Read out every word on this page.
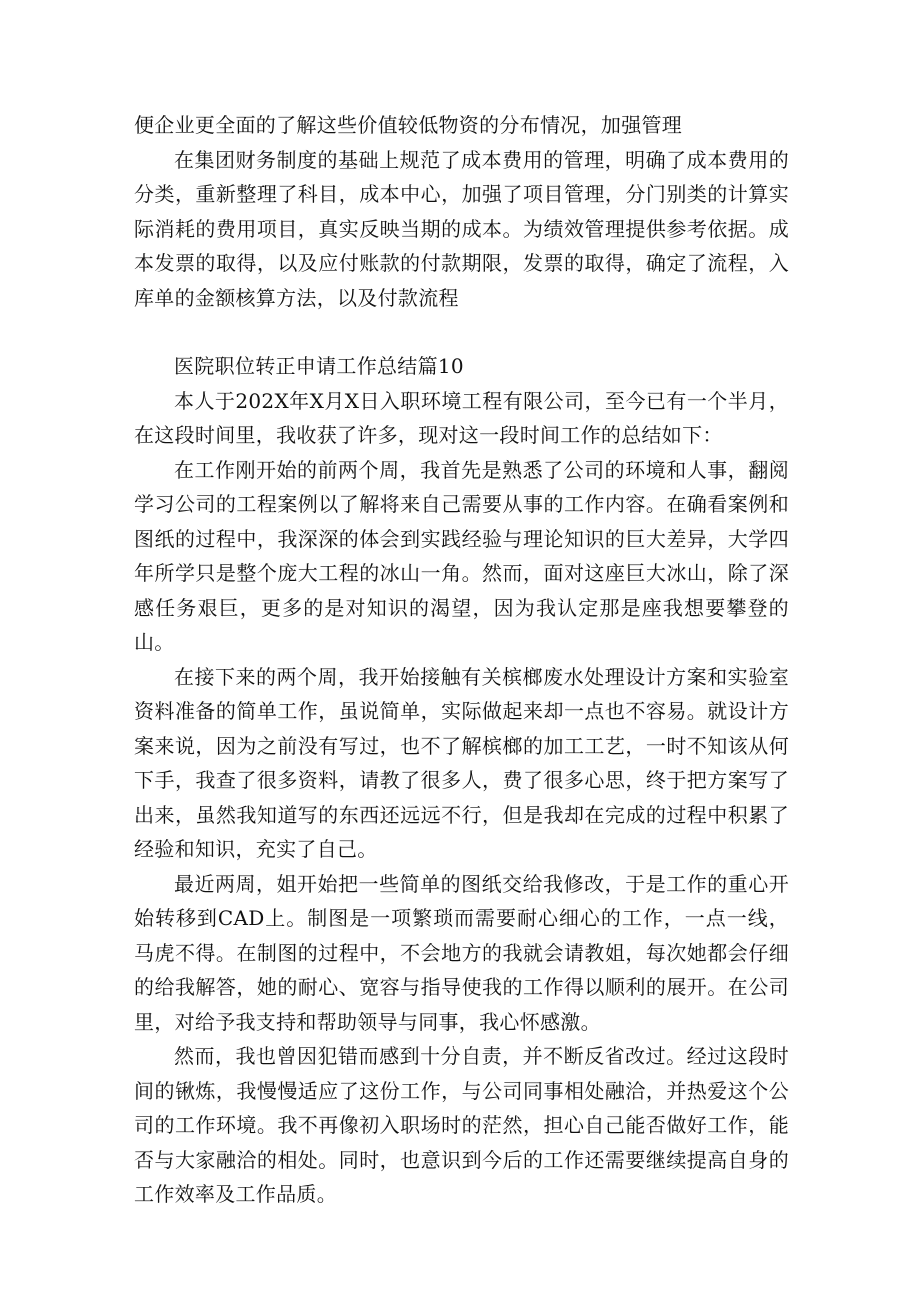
便企业更全面的了解这些价值较低物资的分布情况，加强管理

在集团财务制度的基础上规范了成本费用的管理，明确了成本费用的分类，重新整理了科目，成本中心，加强了项目管理，分门别类的计算实际消耗的费用项目，真实反映当期的成本。为绩效管理提供参考依据。成本发票的取得，以及应付账款的付款期限，发票的取得，确定了流程，入库单的金额核算方法，以及付款流程

医院职位转正申请工作总结篇10

本人于202X年X月X日入职环境工程有限公司，至今已有一个半月，在这段时间里，我收获了许多，现对这一段时间工作的总结如下：

在工作刚开始的前两个周，我首先是熟悉了公司的环境和人事，翻阅学习公司的工程案例以了解将来自己需要从事的工作内容。在确看案例和图纸的过程中，我深深的体会到实践经验与理论知识的巨大差异，大学四年所学只是整个庞大工程的冰山一角。然而，面对这座巨大冰山，除了深感任务艰巨，更多的是对知识的渴望，因为我认定那是座我想要攀登的山。

在接下来的两个周，我开始接触有关槟榔废水处理设计方案和实验室资料准备的简单工作，虽说简单，实际做起来却一点也不容易。就设计方案来说，因为之前没有写过，也不了解槟榔的加工工艺，一时不知该从何下手，我查了很多资料，请教了很多人，费了很多心思，终于把方案写了出来，虽然我知道写的东西还远远不行，但是我却在完成的过程中积累了经验和知识，充实了自己。

最近两周，姐开始把一些简单的图纸交给我修改，于是工作的重心开始转移到CAD上。制图是一项繁琐而需要耐心细心的工作，一点一线，马虎不得。在制图的过程中，不会地方的我就会请教姐，每次她都会仔细的给我解答，她的耐心、宽容与指导使我的工作得以顺利的展开。在公司里，对给予我支持和帮助领导与同事，我心怀感激。

然而，我也曾因犯错而感到十分自责，并不断反省改过。经过这段时间的锹炼，我慢慢适应了这份工作，与公司同事相处融洽，并热爱这个公司的工作环境。我不再像初入职场时的茫然，担心自己能否做好工作，能否与大家融洽的相处。同时，也意识到今后的工作还需要继续提高自身的工作效率及工作品质。
